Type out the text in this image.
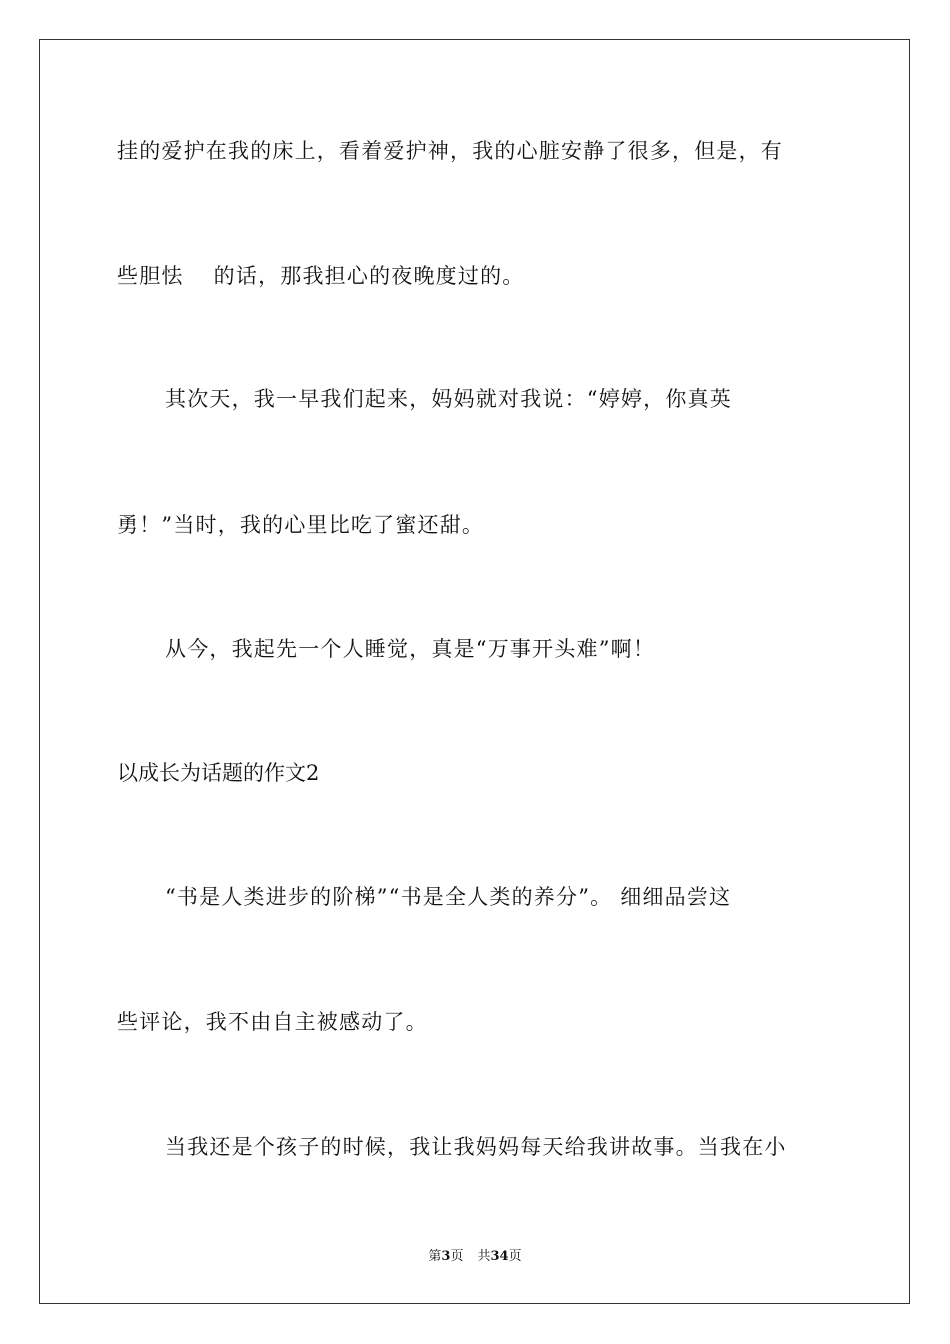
挂的爱护在我的床上，看着爱护神，我的心脏安静了很多，但是，有
些胆怯　 的话，那我担心的夜晚度过的。
其次天，我一早我们起来，妈妈就对我说：“婷婷，你真英
勇！”当时，我的心里比吃了蜜还甜。
从今，我起先一个人睡觉，真是“万事开头难”啊！
以成长为话题的作文2
“书是人类进步的阶梯”“书是全人类的养分”。 细细品尝这
些评论，我不由自主被感动了。
当我还是个孩子的时候，我让我妈妈每天给我讲故事。当我在小
第3页 共34页
